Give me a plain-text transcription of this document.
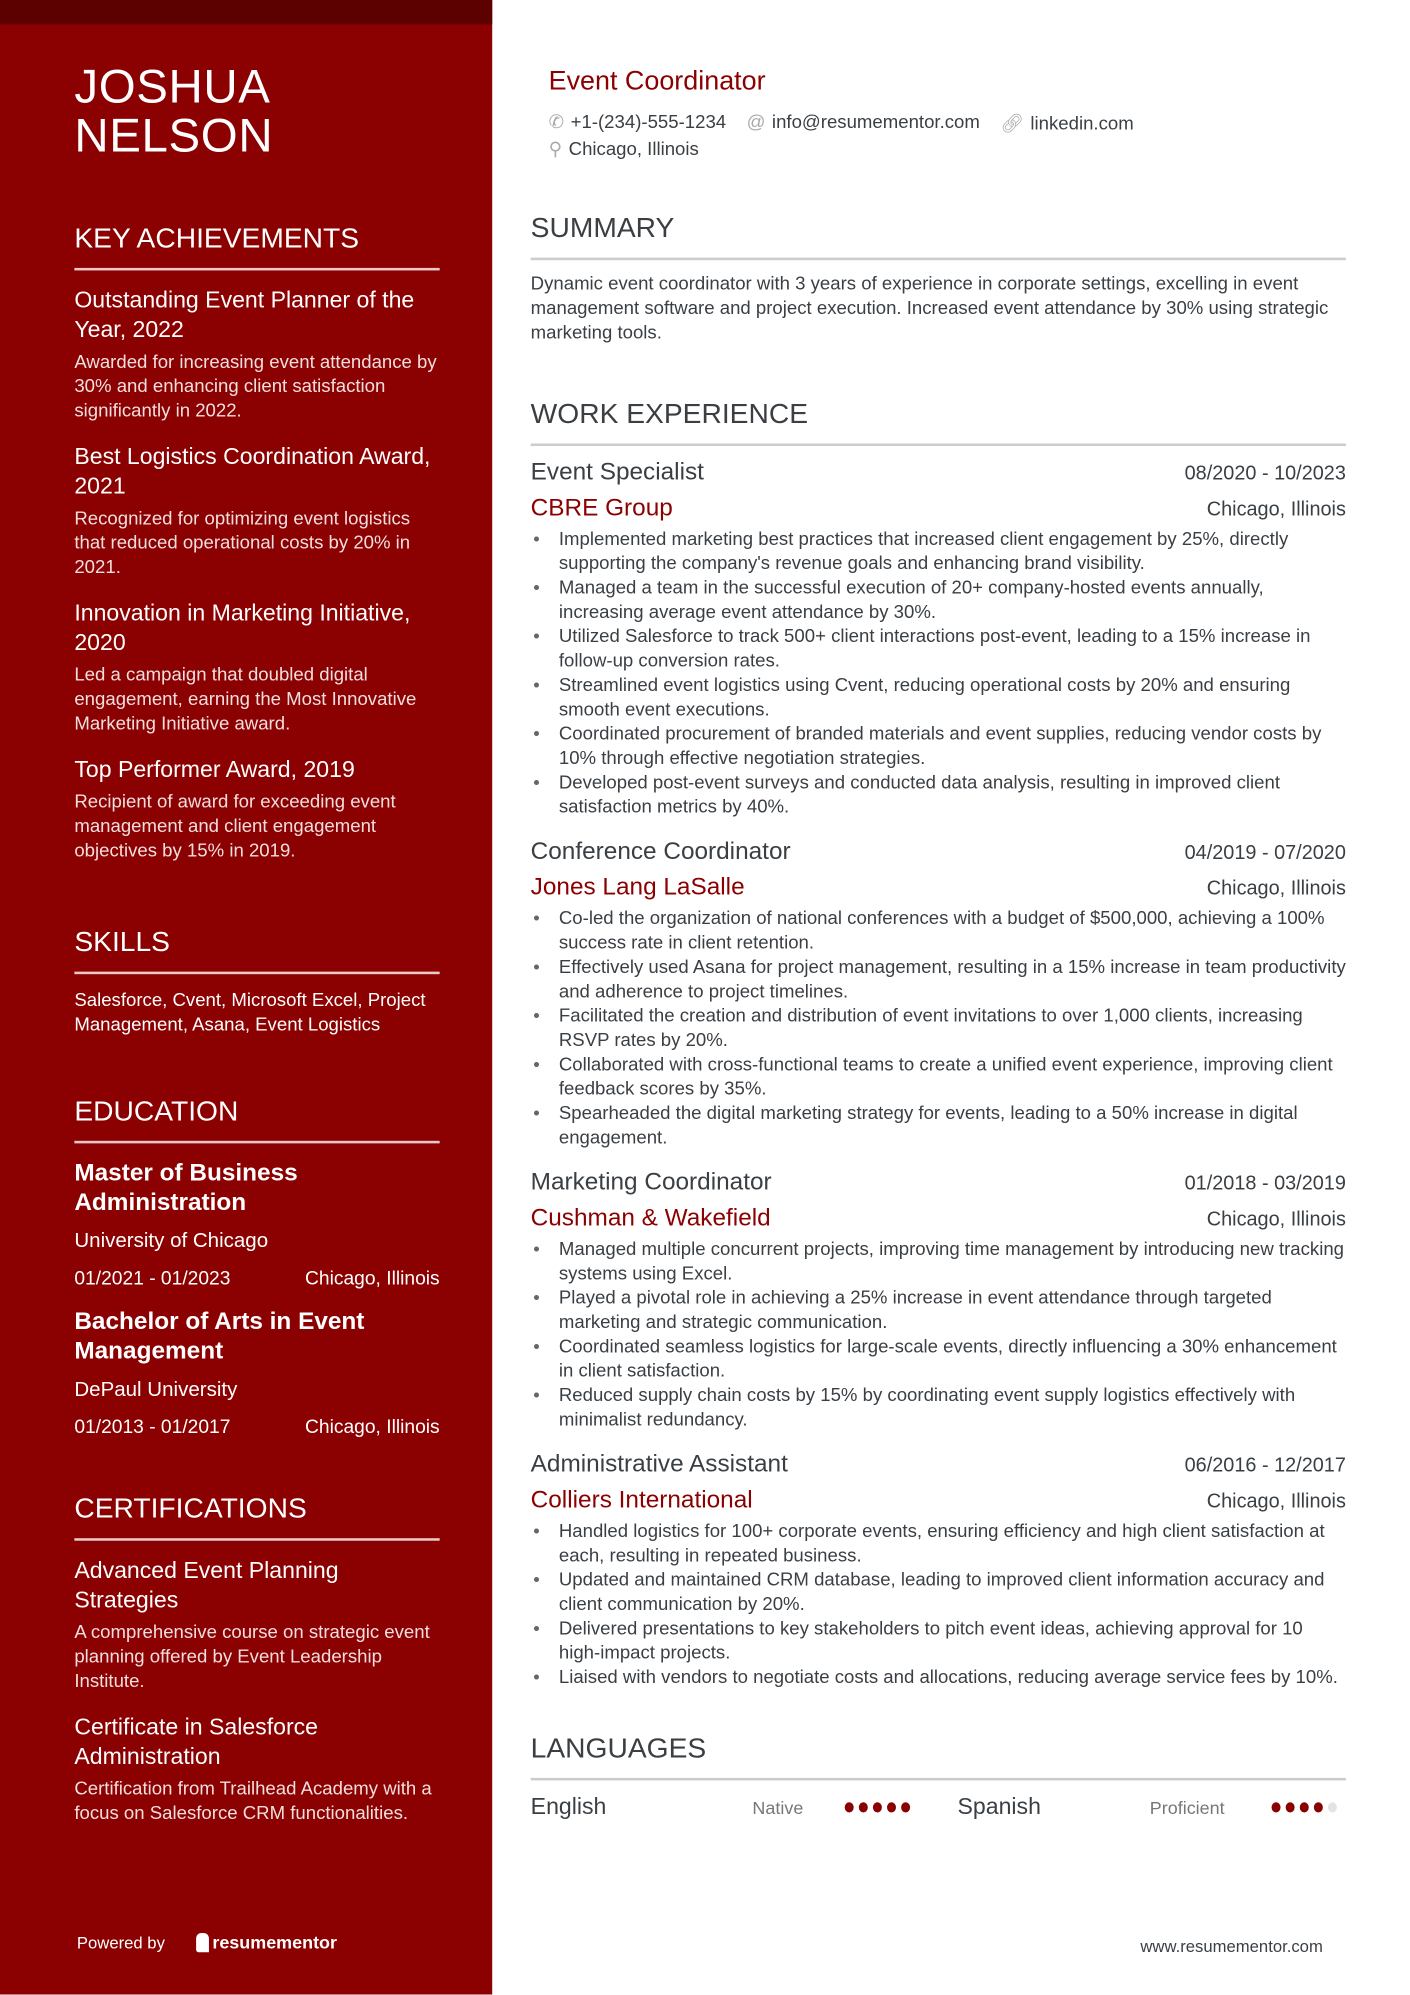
JOSHUA
NELSON
KEY ACHIEVEMENTS
Outstanding Event Planner of the Year, 2022
Awarded for increasing event attendance by 30% and enhancing client satisfaction significantly in 2022.
Best Logistics Coordination Award, 2021
Recognized for optimizing event logistics that reduced operational costs by 20% in 2021.
Innovation in Marketing Initiative, 2020
Led a campaign that doubled digital engagement, earning the Most Innovative Marketing Initiative award.
Top Performer Award, 2019
Recipient of award for exceeding event management and client engagement objectives by 15% in 2019.
SKILLS
Salesforce, Cvent, Microsoft Excel, Project Management, Asana, Event Logistics
EDUCATION
Master of Business Administration
University of Chicago
01/2021 - 01/2023	Chicago, Illinois
Bachelor of Arts in Event Management
DePaul University
01/2013 - 01/2017	Chicago, Illinois
CERTIFICATIONS
Advanced Event Planning Strategies
A comprehensive course on strategic event planning offered by Event Leadership Institute.
Certificate in Salesforce Administration
Certification from Trailhead Academy with a focus on Salesforce CRM functionalities.
Powered by	resumementor
Event Coordinator
✆ +1-(234)-555-1234 @ info@resumementor.com 🔗︎ linkedin.com
⚲ Chicago, Illinois
SUMMARY
Dynamic event coordinator with 3 years of experience in corporate settings, excelling in event management software and project execution. Increased event attendance by 30% using strategic marketing tools.
WORK EXPERIENCE
Event Specialist	08/2020 - 10/2023
CBRE Group	Chicago, Illinois
• Implemented marketing best practices that increased client engagement by 25%, directly supporting the company's revenue goals and enhancing brand visibility.
• Managed a team in the successful execution of 20+ company-hosted events annually, increasing average event attendance by 30%.
• Utilized Salesforce to track 500+ client interactions post-event, leading to a 15% increase in follow-up conversion rates.
• Streamlined event logistics using Cvent, reducing operational costs by 20% and ensuring smooth event executions.
• Coordinated procurement of branded materials and event supplies, reducing vendor costs by 10% through effective negotiation strategies.
• Developed post-event surveys and conducted data analysis, resulting in improved client satisfaction metrics by 40%.
Conference Coordinator	04/2019 - 07/2020
Jones Lang LaSalle	Chicago, Illinois
• Co-led the organization of national conferences with a budget of $500,000, achieving a 100% success rate in client retention.
• Effectively used Asana for project management, resulting in a 15% increase in team productivity and adherence to project timelines.
• Facilitated the creation and distribution of event invitations to over 1,000 clients, increasing RSVP rates by 20%.
• Collaborated with cross-functional teams to create a unified event experience, improving client feedback scores by 35%.
• Spearheaded the digital marketing strategy for events, leading to a 50% increase in digital engagement.
Marketing Coordinator	01/2018 - 03/2019
Cushman & Wakefield	Chicago, Illinois
• Managed multiple concurrent projects, improving time management by introducing new tracking systems using Excel.
• Played a pivotal role in achieving a 25% increase in event attendance through targeted marketing and strategic communication.
• Coordinated seamless logistics for large-scale events, directly influencing a 30% enhancement in client satisfaction.
• Reduced supply chain costs by 15% by coordinating event supply logistics effectively with minimalist redundancy.
Administrative Assistant	06/2016 - 12/2017
Colliers International	Chicago, Illinois
• Handled logistics for 100+ corporate events, ensuring efficiency and high client satisfaction at each, resulting in repeated business.
• Updated and maintained CRM database, leading to improved client information accuracy and client communication by 20%.
• Delivered presentations to key stakeholders to pitch event ideas, achieving approval for 10 high-impact projects.
• Liaised with vendors to negotiate costs and allocations, reducing average service fees by 10%.
LANGUAGES
English	Native	Spanish	Proficient
www.resumementor.com
